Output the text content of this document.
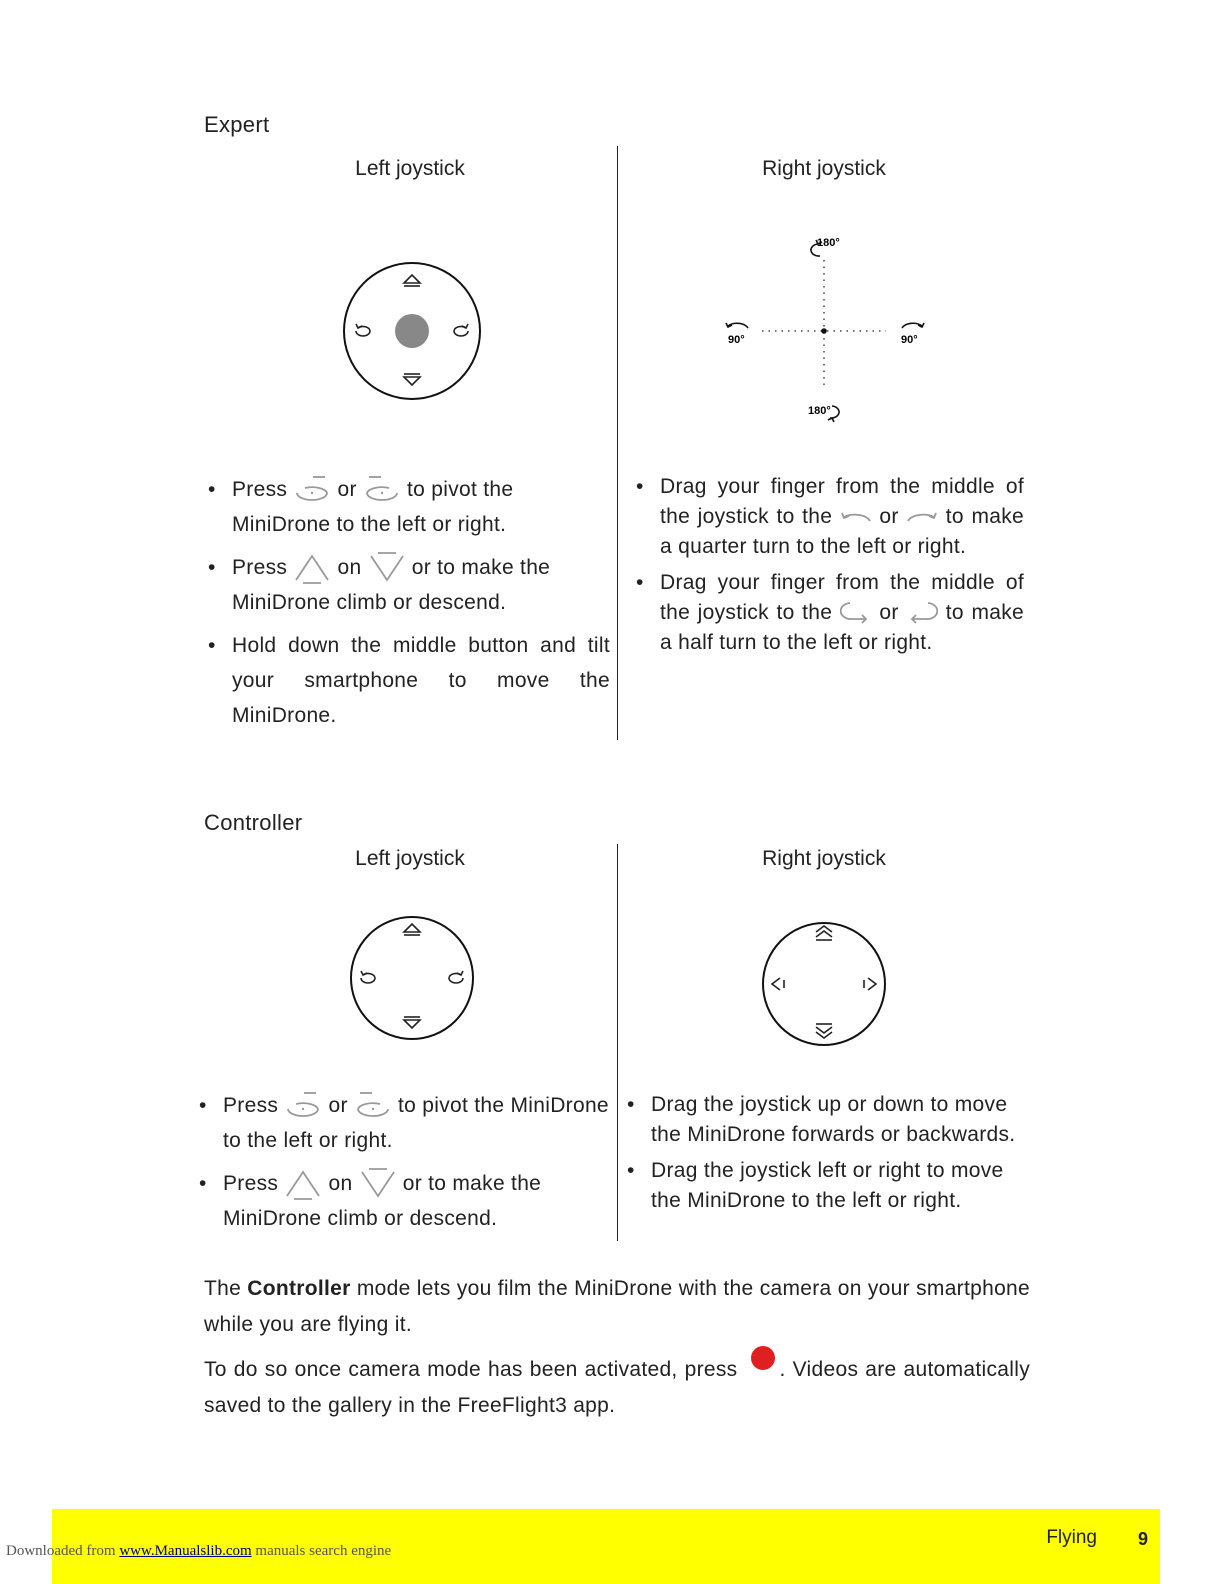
Expert
Left joystick	Right joystick
180°
180°
90°	90°
• Press or to pivot the MiniDrone to the left or right.
• Press on or to make the MiniDrone climb or descend.
• Hold down the middle button and tilt your smartphone to move the MiniDrone.
• Drag your finger from the middle of the joystick to the or to make a quarter turn to the left or right.
• Drag your finger from the middle of the joystick to the or to make a half turn to the left or right.
Controller
Left joystick	Right joystick
• Press or to pivot the MiniDrone to the left or right.
• Press on or to make the MiniDrone climb or descend.
• Drag the joystick up or down to move the MiniDrone forwards or backwards.
• Drag the joystick left or right to move the MiniDrone to the left or right.
The Controller mode lets you film the MiniDrone with the camera on your smartphone while you are flying it.
To do so once camera mode has been activated, press . Videos are automatically saved to the gallery in the FreeFlight3 app.
Flying 9
Downloaded from www.Manualslib.com manuals search engine
